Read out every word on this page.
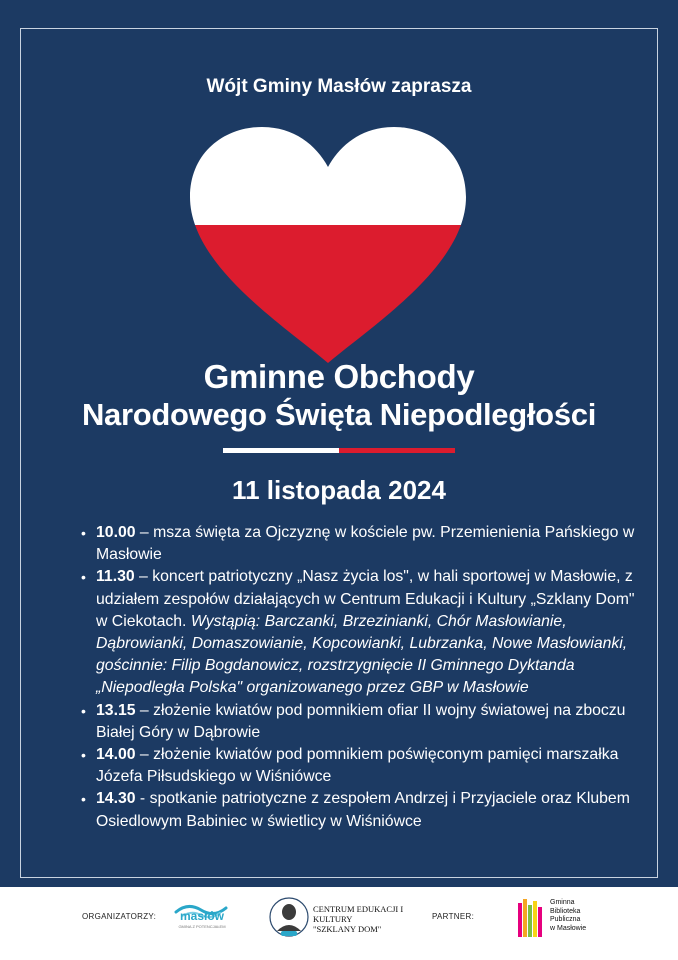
Wójt Gminy Masłów zaprasza
Gminne Obchody
Narodowego Święta Niepodległości
11 listopada 2024
• 10.00 – msza święta za Ojczyznę w kościele pw. Przemienienia Pańskiego w Masłowie
• 11.30 – koncert patriotyczny „Nasz życia los", w hali sportowej w Masłowie, z udziałem zespołów działających w Centrum Edukacji i Kultury „Szklany Dom" w Ciekotach. Wystąpią: Barczanki, Brzezinianki, Chór Masłowianie, Dąbrowianki, Domaszowianie, Kopcowianki, Lubrzanka, Nowe Masłowianki, gościnnie: Filip Bogdanowicz, rozstrzygnięcie II Gminnego Dyktanda „Niepodległa Polska" organizowanego przez GBP w Masłowie
• 13.15 – złożenie kwiatów pod pomnikiem ofiar II wojny światowej na zboczu Białej Góry w Dąbrowie
• 14.00 – złożenie kwiatów pod pomnikiem poświęconym pamięci marszałka Józefa Piłsudskiego w Wiśniówce
• 14.30 - spotkanie patriotyczne z zespołem Andrzej i Przyjaciele oraz Klubem Osiedlowym Babiniec w świetlicy w Wiśniówce
ORGANIZATORZY:	masłów
GMINA Z POTENCJAŁEM
CENTRUM EDUKACJI I KULTURY
"SZKLANY DOM"
PARTNER:
Gminna
Biblioteka
Publiczna
w Masłowie
